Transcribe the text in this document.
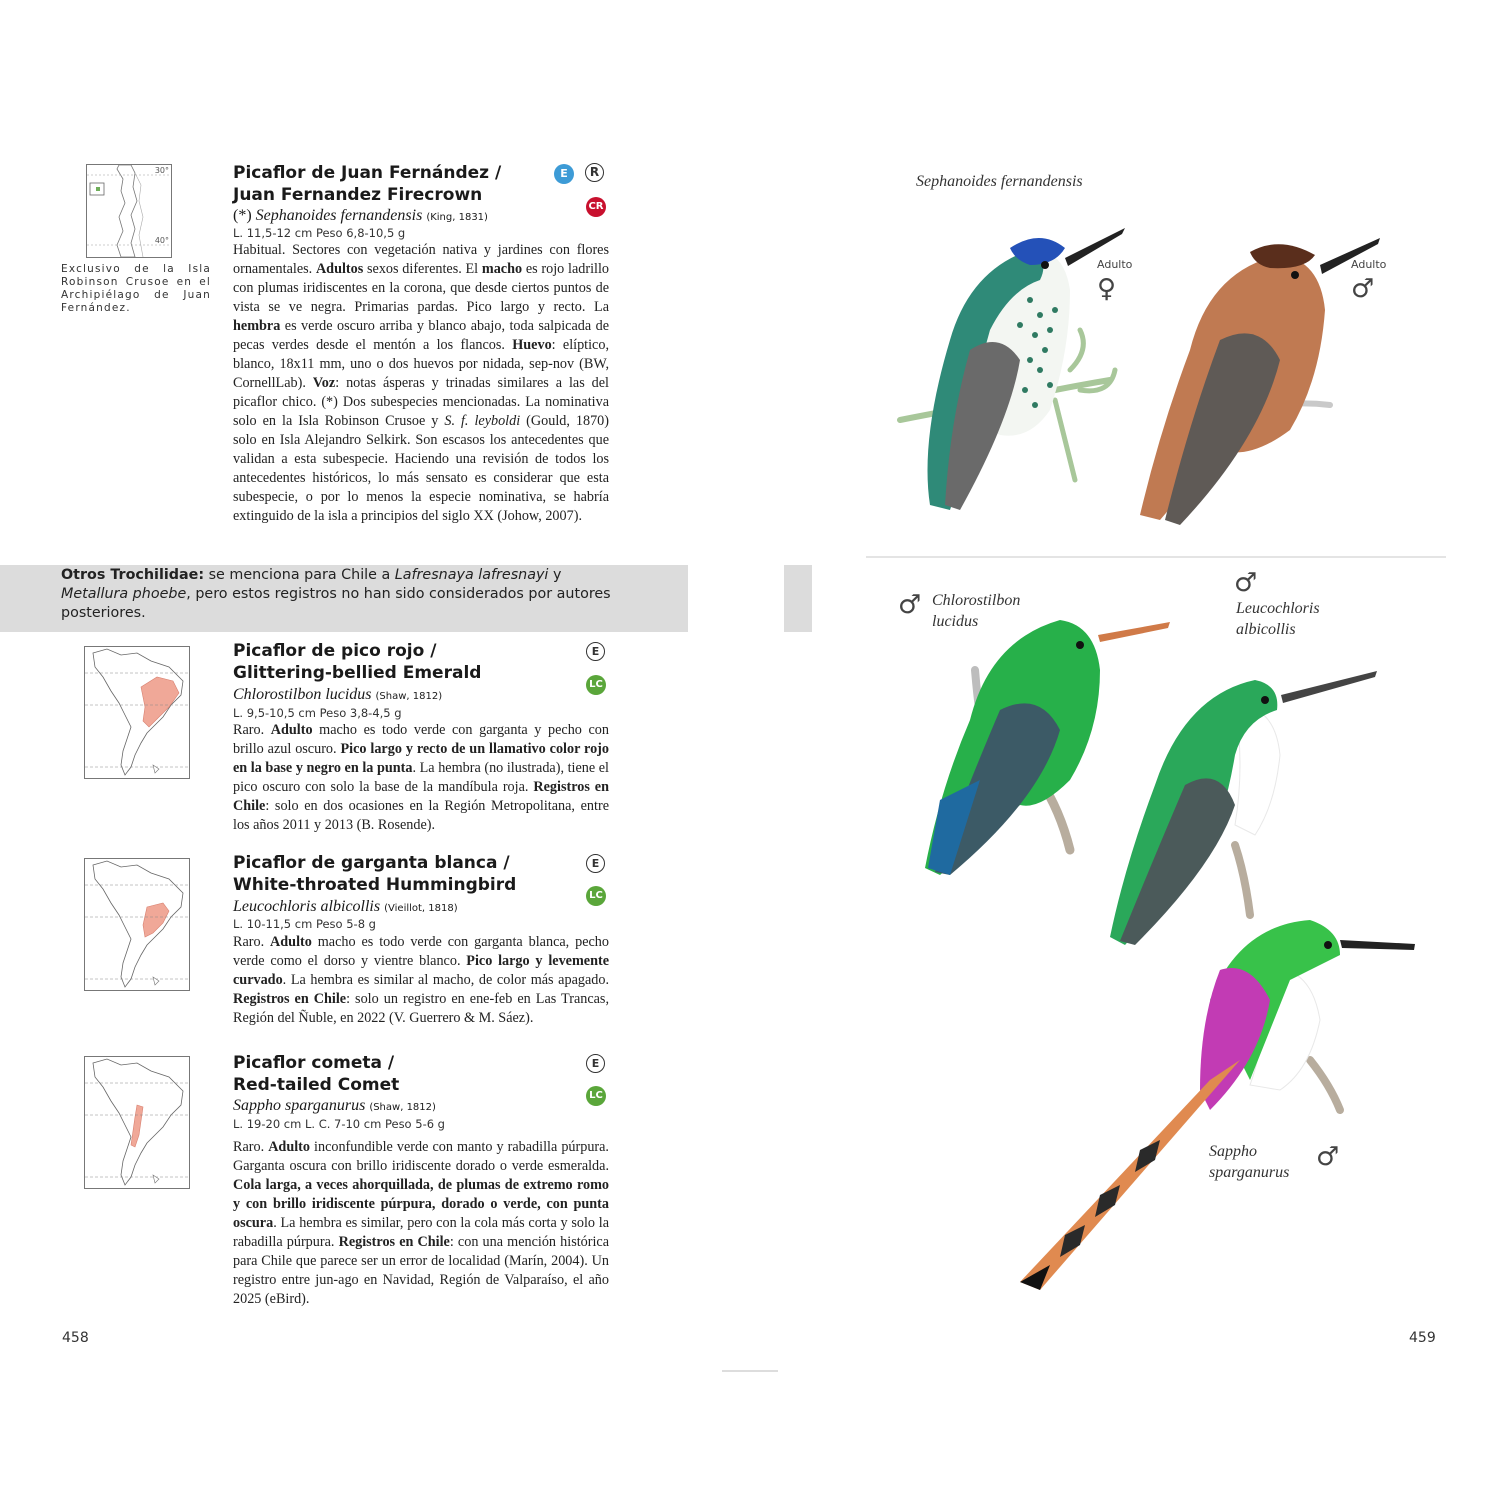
30°
40°
Exclusivo de la Isla Robinson Crusoe en el Archipiélago de Juan Fernández.
Picaflor de Juan Fernández /
Juan Fernandez Firecrown
E	R
CR
(*) Sephanoides fernandensis (King, 1831)
L. 11,5-12 cm Peso 6,8-10,5 g
Habitual. Sectores con vegetación nativa y jardines con flores ornamentales. Adultos sexos diferentes. El macho es rojo ladrillo con plumas iridiscentes en la corona, que desde ciertos puntos de vista se ve negra. Primarias pardas. Pico largo y recto. La hembra es verde oscuro arriba y blanco abajo, toda salpicada de pecas verdes desde el mentón a los flancos. Huevo: elíptico, blanco, 18x11 mm, uno o dos huevos por nidada, sep-nov (BW, CornellLab). Voz: notas ásperas y trinadas similares a las del picaflor chico. (*) Dos subespecies mencionadas. La nominativa solo en la Isla Robinson Crusoe y S. f. leyboldi (Gould, 1870) solo en Isla Alejandro Selkirk. Son escasos los antecedentes que validan a esta subespecie. Haciendo una revisión de todos los antecedentes históricos, lo más sensato es considerar que esta subespecie, o por lo menos la especie nominativa, se habría extinguido de la isla a principios del siglo XX (Johow, 2007).
Otros Trochilidae: se menciona para Chile a Lafresnaya lafresnayi y Metallura phoebe, pero estos registros no han sido considerados por autores posteriores.
Picaflor de pico rojo /
Glittering-bellied Emerald
E
LC
Chlorostilbon lucidus (Shaw, 1812)
L. 9,5-10,5 cm Peso 3,8-4,5 g
Raro. Adulto macho es todo verde con garganta y pecho con brillo azul oscuro. Pico largo y recto de un llamativo color rojo en la base y negro en la punta. La hembra (no ilustrada), tiene el pico oscuro con solo la base de la mandíbula roja. Registros en Chile: solo en dos ocasiones en la Región Metropolitana, entre los años 2011 y 2013 (B. Rosende).
Picaflor de garganta blanca /
White-throated Hummingbird
E
LC
Leucochloris albicollis (Vieillot, 1818)
L. 10-11,5 cm Peso 5-8 g
Raro. Adulto macho es todo verde con garganta blanca, pecho verde como el dorso y vientre blanco. Pico largo y levemente curvado. La hembra es similar al macho, de color más apagado. Registros en Chile: solo un registro en ene-feb en Las Trancas, Región del Ñuble, en 2022 (V. Guerrero & M. Sáez).
Picaflor cometa /
Red-tailed Comet
E
LC
Sappho sparganurus (Shaw, 1812)
L. 19-20 cm L. C. 7-10 cm Peso 5-6 g
Raro. Adulto inconfundible verde con manto y rabadilla púrpura. Garganta oscura con brillo iridiscente dorado o verde esmeralda. Cola larga, a veces ahorquillada, de plumas de extremo romo y con brillo iridiscente púrpura, dorado o verde, con punta oscura. La hembra es similar, pero con la cola más corta y solo la rabadilla púrpura. Registros en Chile: con una mención histórica para Chile que parece ser un error de localidad (Marín, 2004). Un registro entre jun-ago en Navidad, Región de Valparaíso, el año 2025 (eBird).
458
Sephanoides fernandensis
Adulto
♀
Adulto
♂
♂ Chlorostilbon
lucidus
♂
Leucochloris
albicollis
Sappho
sparganurus
♂
459
